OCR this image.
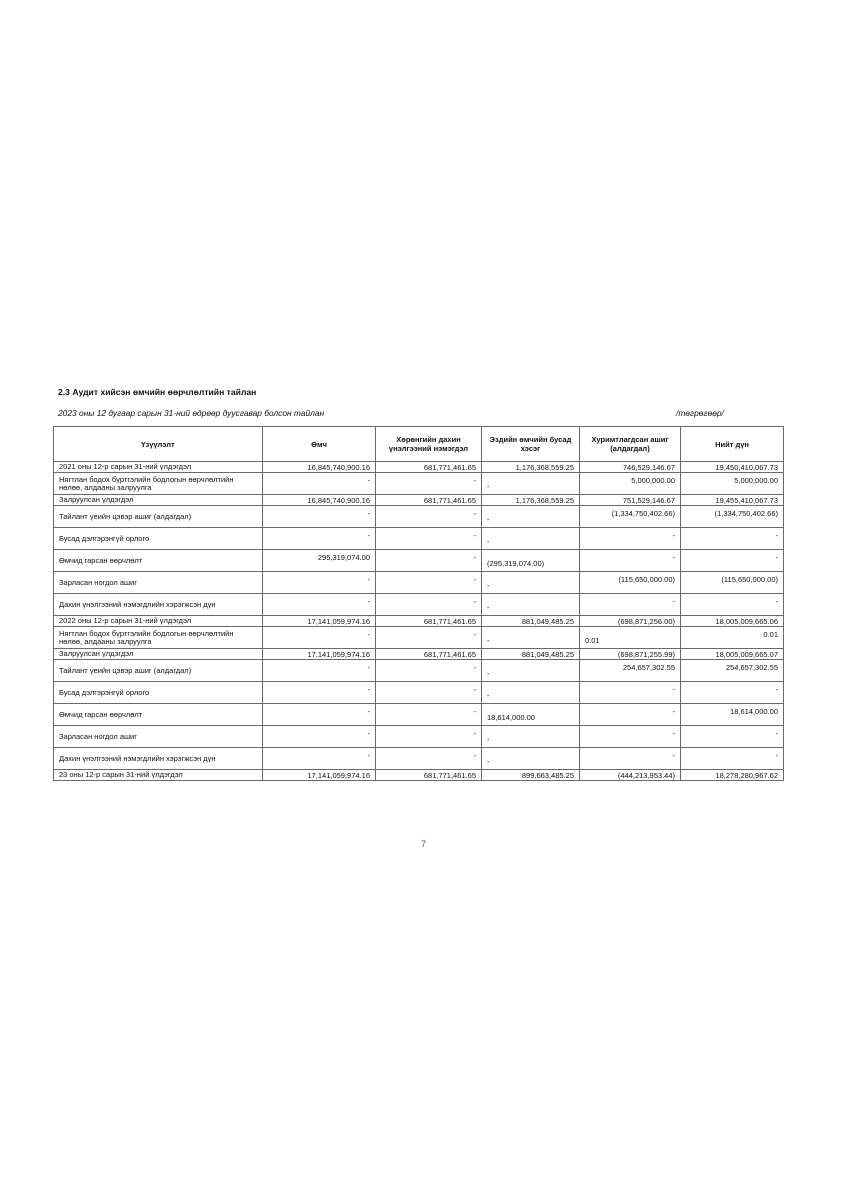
2.3 Аудит хийсэн өмчийн өөрчлөлтийн тайлан
2023 оны 12 дугаар сарын 31-ний өдрөөр дуусгавар болсон тайлан	/төгрөгөөр/
Үзүүлэлт	Өмч	Хөрөнгийн дахин үнэлгээний нэмэгдэл	Эздийн өмчийн бусад хэсэг	Хуримтлагдсан ашиг (алдагдал)	Нийт дүн
2021 оны 12-р сарын 31-ний үлдэгдэл	16,845,740,900.16	681,771,461.65	1,176,368,559.25	746,529,146.67	19,450,410,067.73
Нягтлан бодох бүртгэлийн бодлогын өөрчлөлтийн нөлөө, алдааны залруулга	-	-	-	5,000,000.00	5,000,000.00

Залруулсан үлдэгдэл	16,845,740,900.16	681,771,461.65	1,176,368,559.25	751,529,146.67	19,455,410,067.73
Тайлант үеийн цэвэр ашиг (алдагдал)	-	-	-	(1,334,750,402.66)	(1,334,750,402.66)

Бусад дэлгэрэнгүй орлого	-	-	-	-	-

Өмчид гарсан өөрчлөлт	295,319,074.00	-	(295,319,074.00)	-	-

Зарласан ногдол ашиг	-	-	-	(115,650,000.00)	(115,650,000.00)

Дахин үнэлгээний нэмэгдлийн хэрэгжсэн дүн	-	-	-	-	-

2022 оны 12-р сарын 31-ний үлдэгдэл	17,141,059,974.16	681,771,461.65	881,049,485.25	(698,871,256.00)	18,005,009,665.06
Нягтлан бодох бүртгэлийн бодлогын өөрчлөлтийн нөлөө, алдааны залруулга	-	-	-	0.01	0.01

Залруулсан үлдэгдэл	17,141,059,974.16	681,771,461.65	881,049,485.25	(698,871,255.99)	18,005,009,665.07
Тайлант үеийн цэвэр ашиг (алдагдал)	-	-	-	254,657,302.55	254,657,302.55

Бусад дэлгэрэнгүй орлого	-	-	-	-	-

Өмчид гарсан өөрчлөлт	-	-	18,614,000.00	-	18,614,000.00

Зарласан ногдол ашиг	-	-	-	-	-

Дахин үнэлгээний нэмэгдлийн хэрэгжсэн дүн	-	-	-	-	-

23 оны 12-р сарын 31-ний үлдэгдэл	17,141,059,974.16	681,771,461.65	899,663,485.25	(444,213,953.44)	18,278,280,967.62
7
